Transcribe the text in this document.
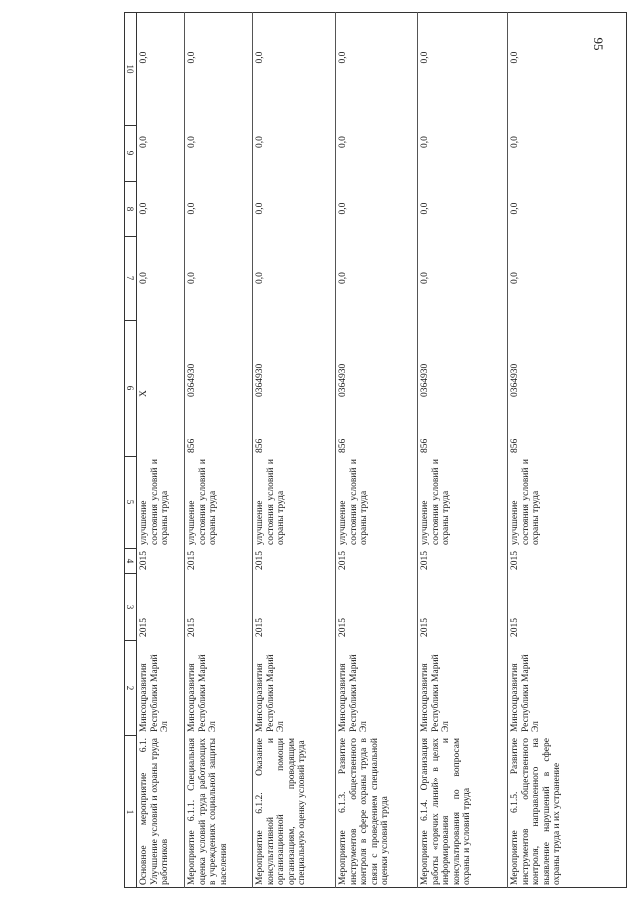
95
1
2
3
4
5
6
7
8
9
10
Основное мероприятие 6.1. Улучшение условий и охраны труда работников
Минсоцразвития Республики Марий Эл
2015
2015
улучшение состояния условий и охраны труда
Х
0,0
0,0
0,0
0,0
Мероприятие 6.1.1. Специальная оценка условий труда работающих в учреждениях социальной защиты населения
Минсоцразвития Республики Марий Эл
2015
2015
улучшение состояния условий и охраны труда
856
0364930
0,0
0,0
0,0
0,0
Мероприятие 6.1.2. Оказание консультативной и организационной помощи организациям, проводящим специальную оценку условий труда
Минсоцразвития Республики Марий Эл
2015
2015
улучшение состояния условий и охраны труда
856
0364930
0,0
0,0
0,0
0,0
Мероприятие 6.1.3. Развитие инструментов общественного контроля в сфере охраны труда в связи с проведением специальной оценки условий труда
Минсоцразвития Республики Марий Эл
2015
2015
улучшение состояния условий и охраны труда
856
0364930
0,0
0,0
0,0
0,0
Мероприятие 6.1.4. Организация работы «горячих линий» в целях информирования и консультирования по вопросам охраны и условий труда
Минсоцразвития Республики Марий Эл
2015
2015
улучшение состояния условий и охраны труда
856
0364930
0,0
0,0
0,0
0,0
Мероприятие 6.1.5. Развитие инструментов общественного контроля, направленного на выявление нарушений в сфере охраны труда и их устранение
Минсоцразвития Республики Марий Эл
2015
2015
улучшение состояния условий и охраны труда
856
0364930
0,0
0,0
0,0
0,0
